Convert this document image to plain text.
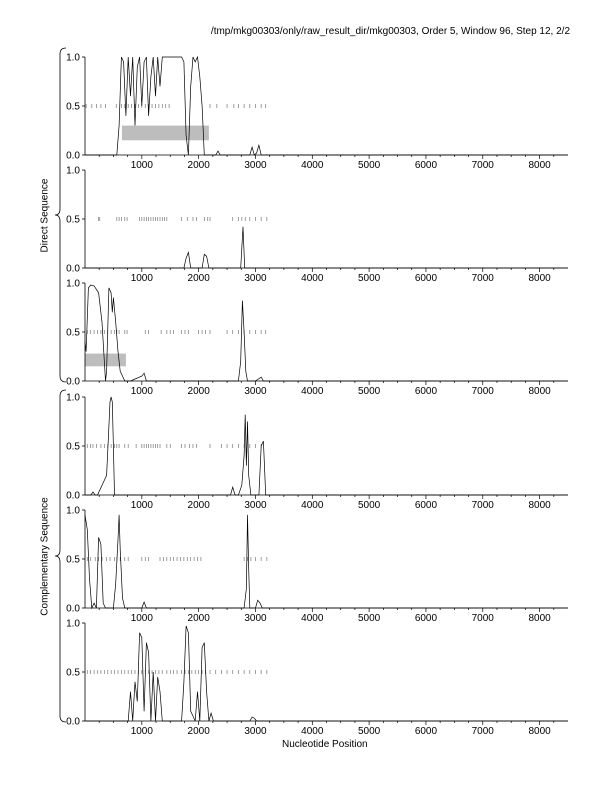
/tmp/mkg00303/only/raw_result_dir/mkg00303, Order 5, Window 96, Step 12, 2/2
0.0
0.5
1.0
1000	2000	3000	4000	5000	6000	7000	8000
0.0
0.5
1.0
1000	2000	3000	4000	5000	6000	7000	8000
0.0
0.5
1.0
1000	2000	3000	4000	5000	6000	7000	8000
0.0
0.5
1.0
1000	2000	3000	4000	5000	6000	7000	8000
0.0
0.5
1.0
1000	2000	3000	4000	5000	6000	7000	8000
0.0
0.5
1.0
1000	2000	3000	4000	5000	6000	7000	8000
Direct Sequence
Complementary Sequence
Nucleotide Position
